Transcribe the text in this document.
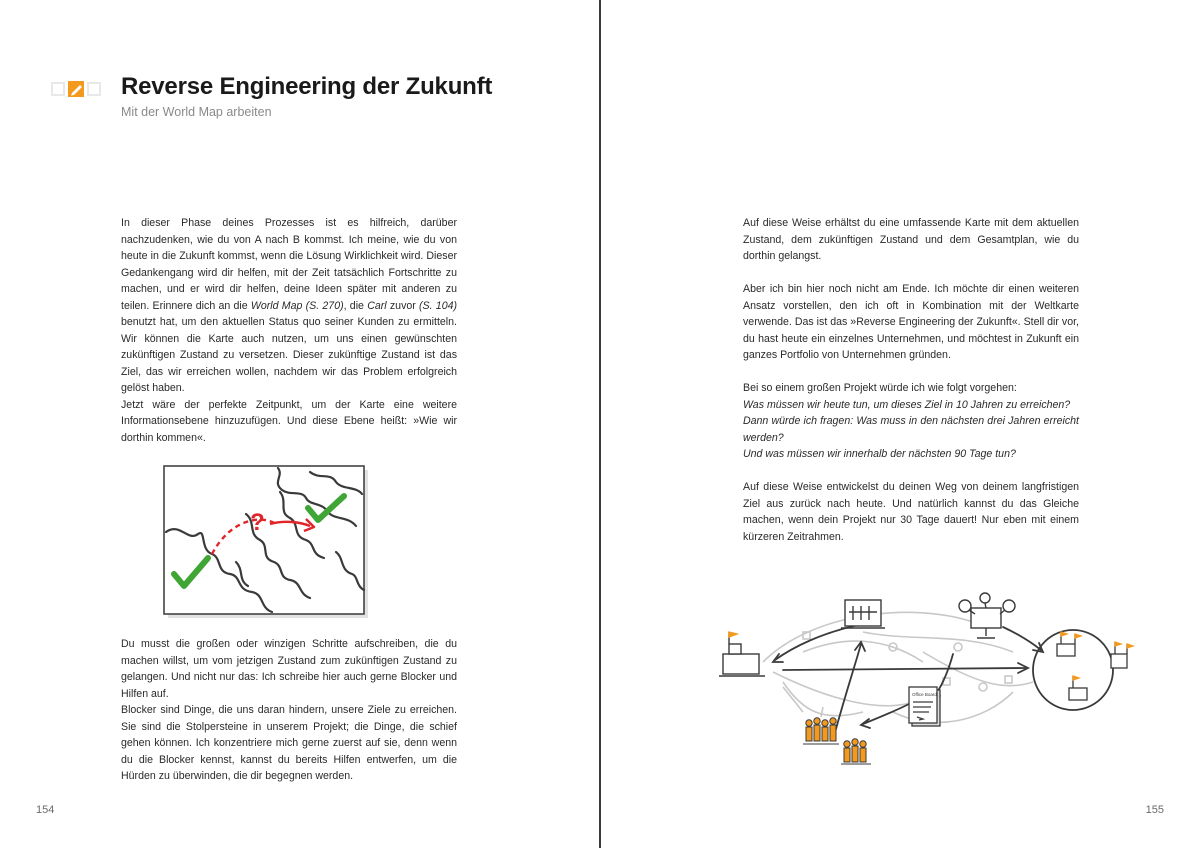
Reverse Engineering der Zukunft
Mit der World Map arbeiten

In dieser Phase deines Prozesses ist es hilfreich, darüber nachzudenken, wie du von A nach B kommst. Ich meine, wie du von heute in die Zukunft kommst, wenn die Lösung Wirklichkeit wird. Dieser Gedankengang wird dir helfen, mit der Zeit tatsächlich Fortschritte zu machen, und er wird dir helfen, deine Ideen später mit anderen zu teilen. Erinnere dich an die World Map (S. 270), die Carl zuvor (S. 104) benutzt hat, um den aktuellen Status quo seiner Kunden zu ermitteln. Wir können die Karte auch nutzen, um uns einen gewünschten zukünftigen Zustand zu versetzen. Dieser zukünftige Zustand ist das Ziel, das wir erreichen wollen, nachdem wir das Problem erfolgreich gelöst haben.

Jetzt wäre der perfekte Zeitpunkt, um der Karte eine weitere Informationsebene hinzuzufügen. Und diese Ebene heißt: »Wie wir dorthin kommen«.

?

Du musst die großen oder winzigen Schritte aufschreiben, die du machen willst, um vom jetzigen Zustand zum zukünftigen Zustand zu gelangen. Und nicht nur das: Ich schreibe hier auch gerne Blocker und Hilfen auf.

Blocker sind Dinge, die uns daran hindern, unsere Ziele zu erreichen. Sie sind die Stolpersteine in unserem Projekt; die Dinge, die schief gehen können. Ich konzentriere mich gerne zuerst auf sie, denn wenn du die Blocker kennst, kannst du bereits Hilfen entwerfen, um die Hürden zu überwinden, die dir begegnen werden.

154

Auf diese Weise erhältst du eine umfassende Karte mit dem aktuellen Zustand, dem zukünftigen Zustand und dem Gesamtplan, wie du dorthin gelangst.

Aber ich bin hier noch nicht am Ende. Ich möchte dir einen weiteren Ansatz vorstellen, den ich oft in Kombination mit der Weltkarte verwende. Das ist das »Reverse Engineering der Zukunft«. Stell dir vor, du hast heute ein einzelnes Unternehmen, und möchtest in Zukunft ein ganzes Portfolio von Unternehmen gründen.

Bei so einem großen Projekt würde ich wie folgt vorgehen:

Was müssen wir heute tun, um dieses Ziel in 10 Jahren zu erreichen?

Dann würde ich fragen: Was muss in den nächsten drei Jahren erreicht werden?

Und was müssen wir innerhalb der nächsten 90 Tage tun?

Auf diese Weise entwickelst du deinen Weg von deinem langfristigen Ziel aus zurück nach heute. Und natürlich kannst du das Gleiche machen, wenn dein Projekt nur 30 Tage dauert! Nur eben mit einem kürzeren Zeitrahmen.

Office Board
155
